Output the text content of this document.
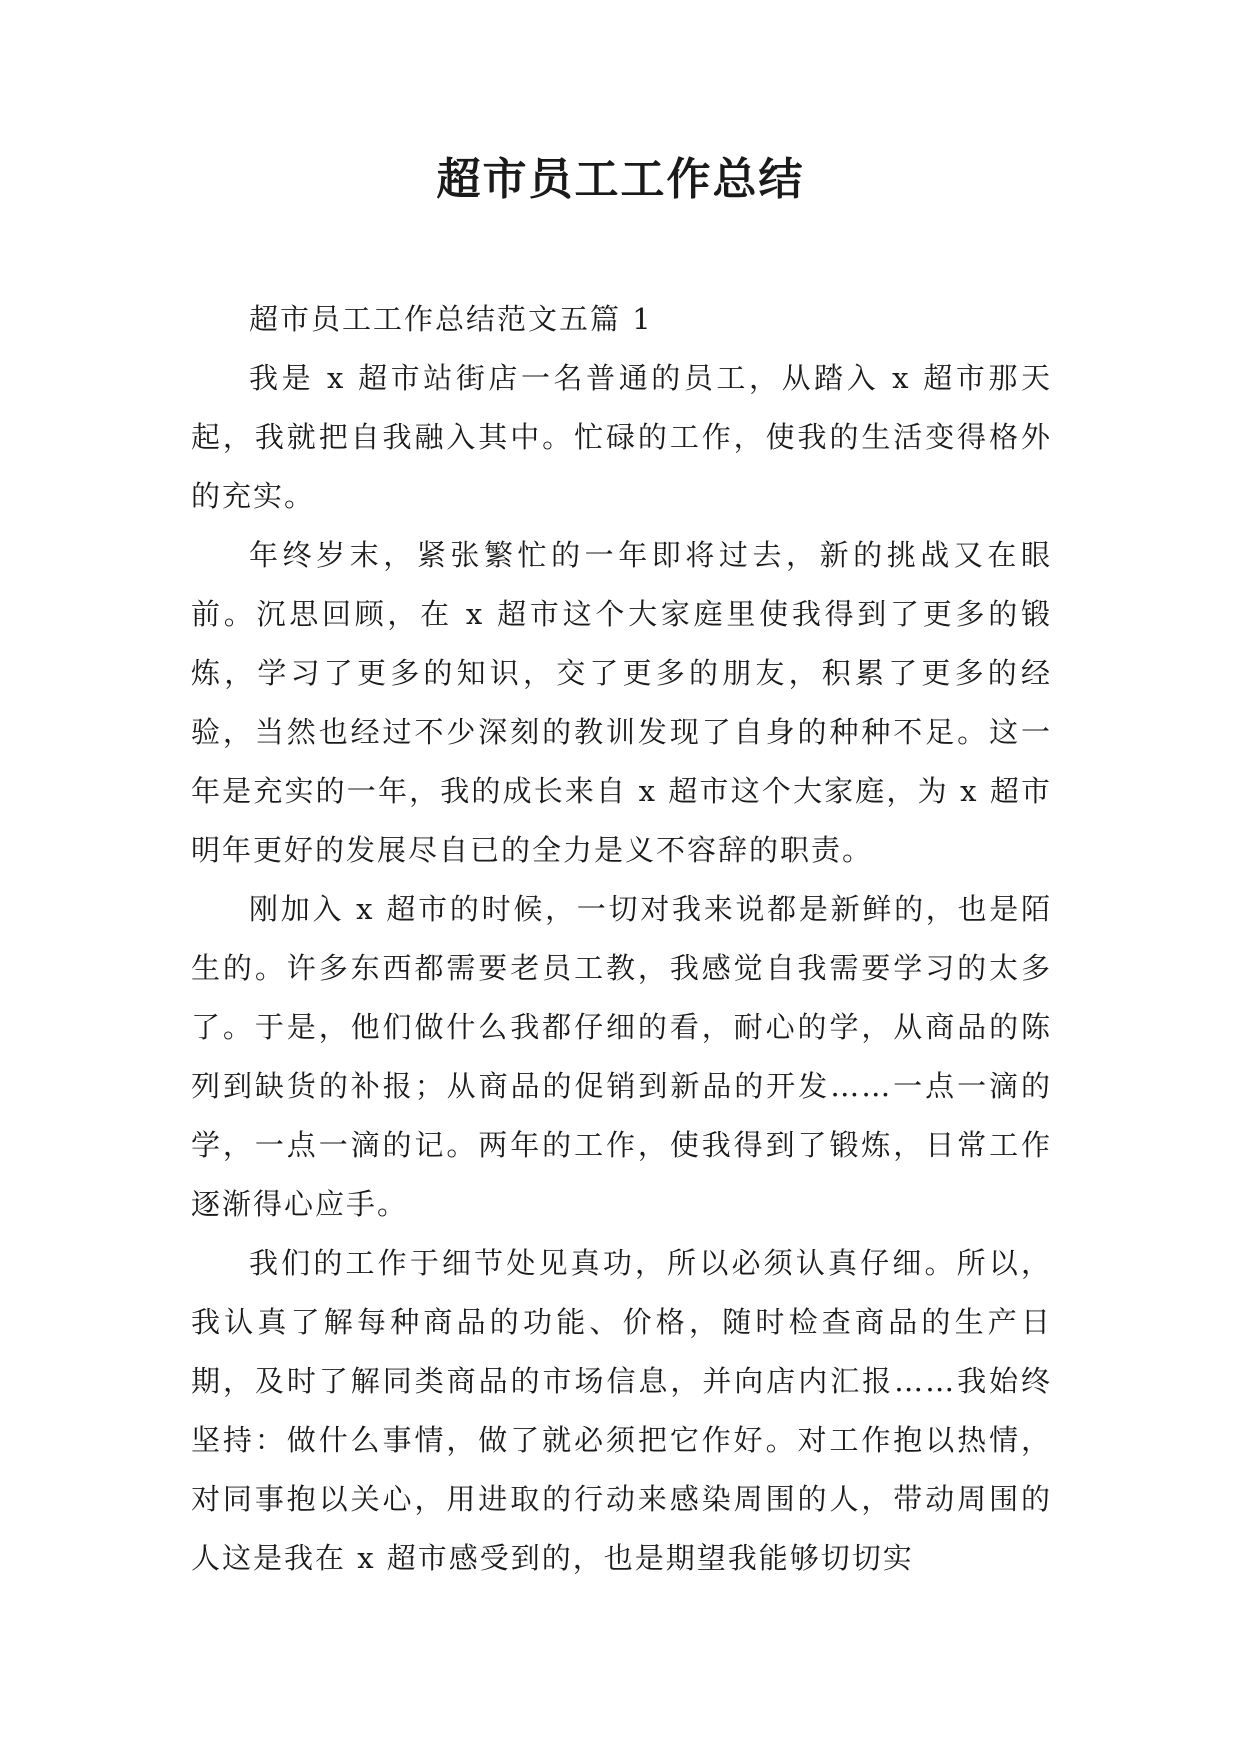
超市员工工作总结

超市员工工作总结范文五篇 1

我是 x 超市站街店一名普通的员工，从踏入 x 超市那天起，我就把自我融入其中。忙碌的工作，使我的生活变得格外的充实。

年终岁末，紧张繁忙的一年即将过去，新的挑战又在眼前。沉思回顾，在 x 超市这个大家庭里使我得到了更多的锻炼，学习了更多的知识，交了更多的朋友，积累了更多的经验，当然也经过不少深刻的教训发现了自身的种种不足。这一年是充实的一年，我的成长来自 x 超市这个大家庭，为 x 超市明年更好的发展尽自已的全力是义不容辞的职责。

刚加入 x 超市的时候，一切对我来说都是新鲜的，也是陌生的。许多东西都需要老员工教，我感觉自我需要学习的太多了。于是，他们做什么我都仔细的看，耐心的学，从商品的陈列到缺货的补报；从商品的促销到新品的开发……一点一滴的学，一点一滴的记。两年的工作，使我得到了锻炼，日常工作逐渐得心应手。

我们的工作于细节处见真功，所以必须认真仔细。所以，我认真了解每种商品的功能、价格，随时检查商品的生产日期，及时了解同类商品的市场信息，并向店内汇报……我始终坚持：做什么事情，做了就必须把它作好。对工作抱以热情，对同事抱以关心，用进取的行动来感染周围的人，带动周围的人这是我在 x 超市感受到的，也是期望我能够切切实
